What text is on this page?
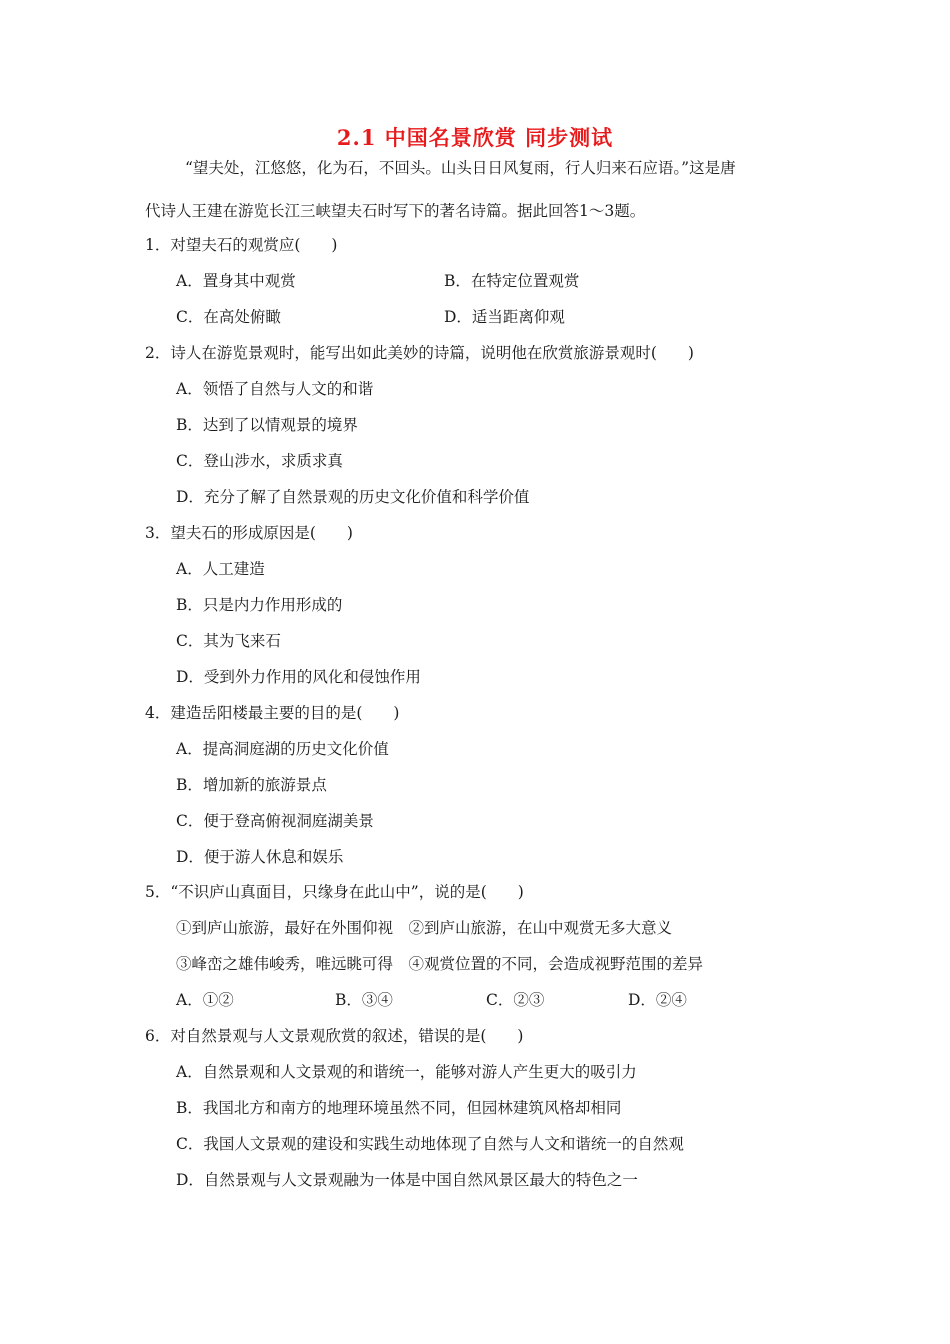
2.1 中国名景欣赏 同步测试
“望夫处，江悠悠，化为石，不回头。山头日日风复雨，行人归来石应语。”这是唐
代诗人王建在游览长江三峡望夫石时写下的著名诗篇。据此回答1～3题。
1．对望夫石的观赏应(　　)
A．置身其中观赏	B．在特定位置观赏
C．在高处俯瞰	D．适当距离仰观
2．诗人在游览景观时，能写出如此美妙的诗篇，说明他在欣赏旅游景观时(　　)
A．领悟了自然与人文的和谐
B．达到了以情观景的境界
C．登山涉水，求质求真
D．充分了解了自然景观的历史文化价值和科学价值
3．望夫石的形成原因是(　　)
A．人工建造
B．只是内力作用形成的
C．其为飞来石
D．受到外力作用的风化和侵蚀作用
4．建造岳阳楼最主要的目的是(　　)
A．提高洞庭湖的历史文化价值
B．增加新的旅游景点
C．便于登高俯视洞庭湖美景
D．便于游人休息和娱乐
5．“不识庐山真面目，只缘身在此山中”，说的是(　　)
①到庐山旅游，最好在外围仰视　②到庐山旅游，在山中观赏无多大意义
③峰峦之雄伟峻秀，唯远眺可得　④观赏位置的不同，会造成视野范围的差异
A．①②	B．③④	C．②③	D．②④
6．对自然景观与人文景观欣赏的叙述，错误的是(　　)
A．自然景观和人文景观的和谐统一，能够对游人产生更大的吸引力
B．我国北方和南方的地理环境虽然不同，但园林建筑风格却相同
C．我国人文景观的建设和实践生动地体现了自然与人文和谐统一的自然观
D．自然景观与人文景观融为一体是中国自然风景区最大的特色之一
